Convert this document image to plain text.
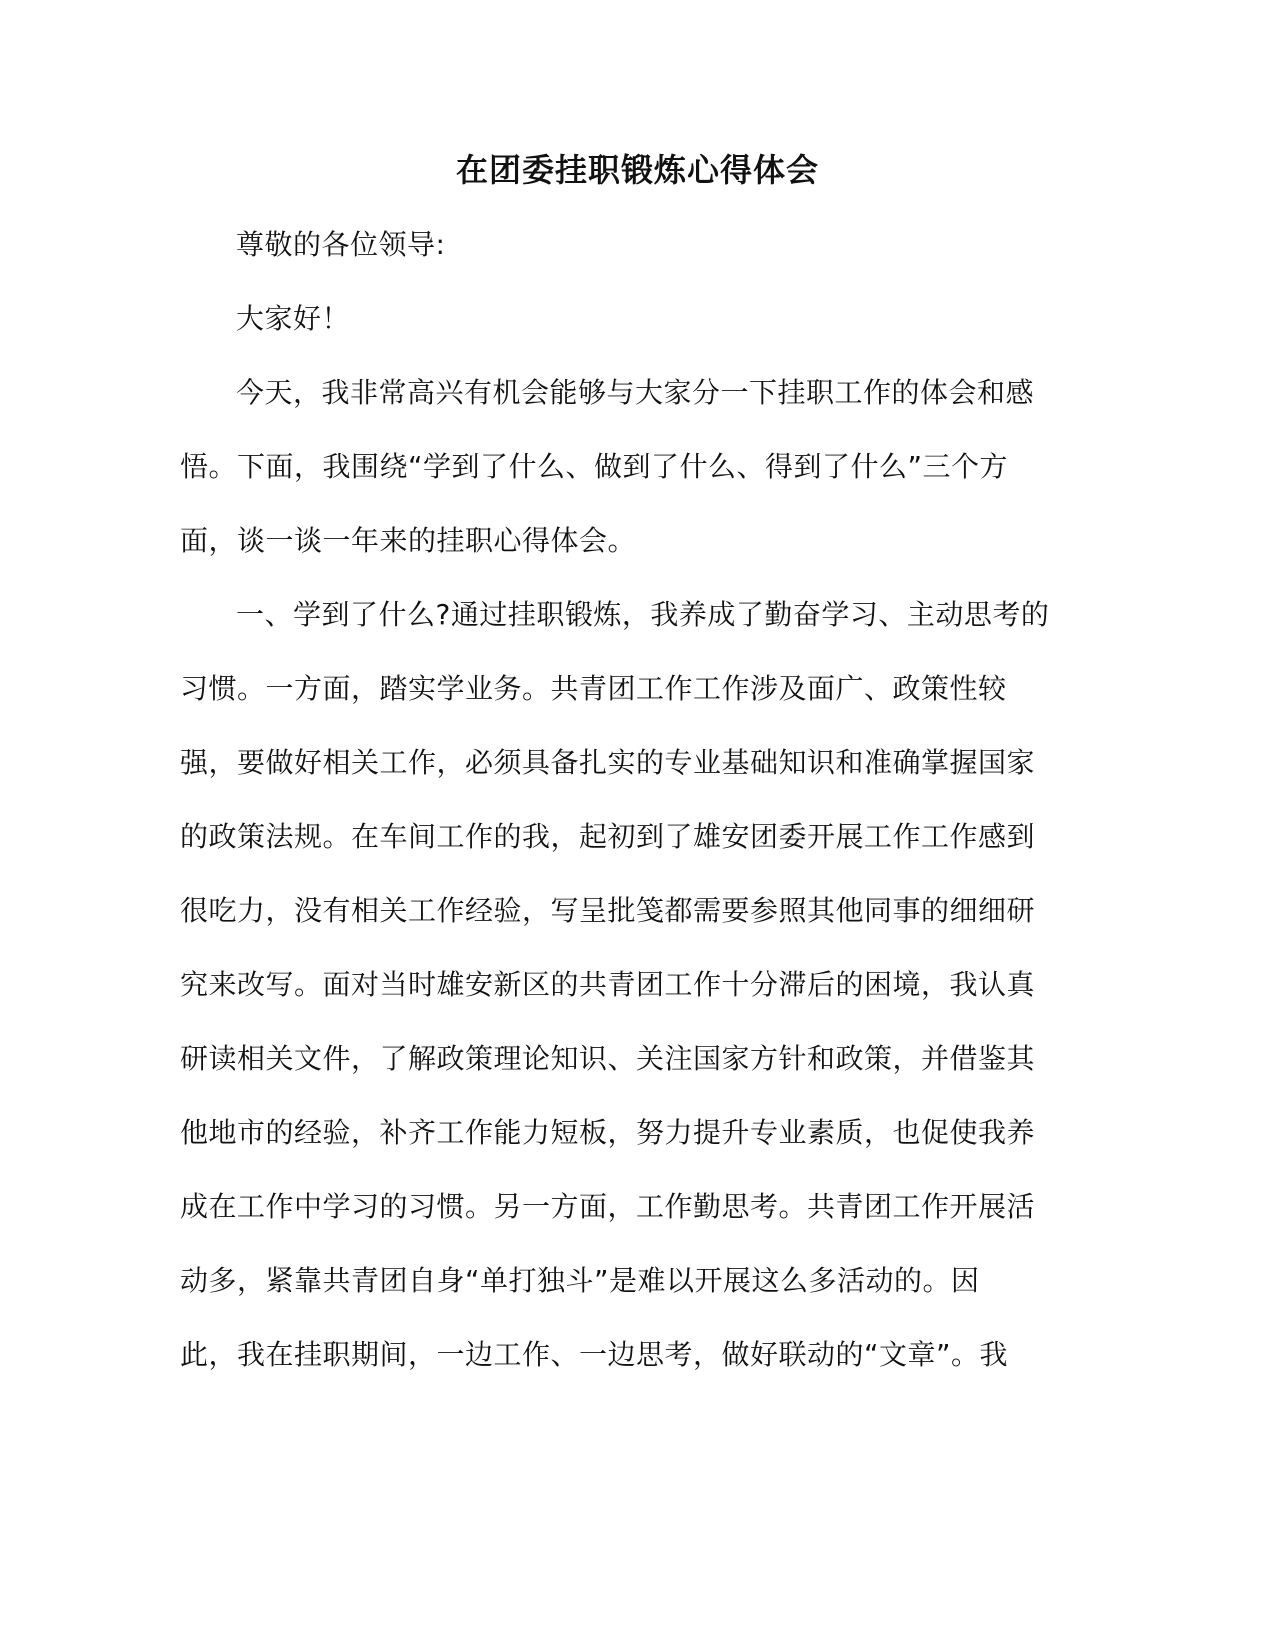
在团委挂职锻炼心得体会
尊敬的各位领导:
大家好！
今天，我非常高兴有机会能够与大家分一下挂职工作的体会和感
悟。下面，我围绕“学到了什么、做到了什么、得到了什么”三个方
面，谈一谈一年来的挂职心得体会。
一、学到了什么?通过挂职锻炼，我养成了勤奋学习、主动思考的
习惯。一方面，踏实学业务。共青团工作工作涉及面广、政策性较
强，要做好相关工作，必须具备扎实的专业基础知识和准确掌握国家
的政策法规。在车间工作的我，起初到了雄安团委开展工作工作感到
很吃力，没有相关工作经验，写呈批笺都需要参照其他同事的细细研
究来改写。面对当时雄安新区的共青团工作十分滞后的困境，我认真
研读相关文件，了解政策理论知识、关注国家方针和政策，并借鉴其
他地市的经验，补齐工作能力短板，努力提升专业素质，也促使我养
成在工作中学习的习惯。另一方面，工作勤思考。共青团工作开展活
动多，紧靠共青团自身“单打独斗”是难以开展这么多活动的。因
此，我在挂职期间，一边工作、一边思考，做好联动的“文章”。我
